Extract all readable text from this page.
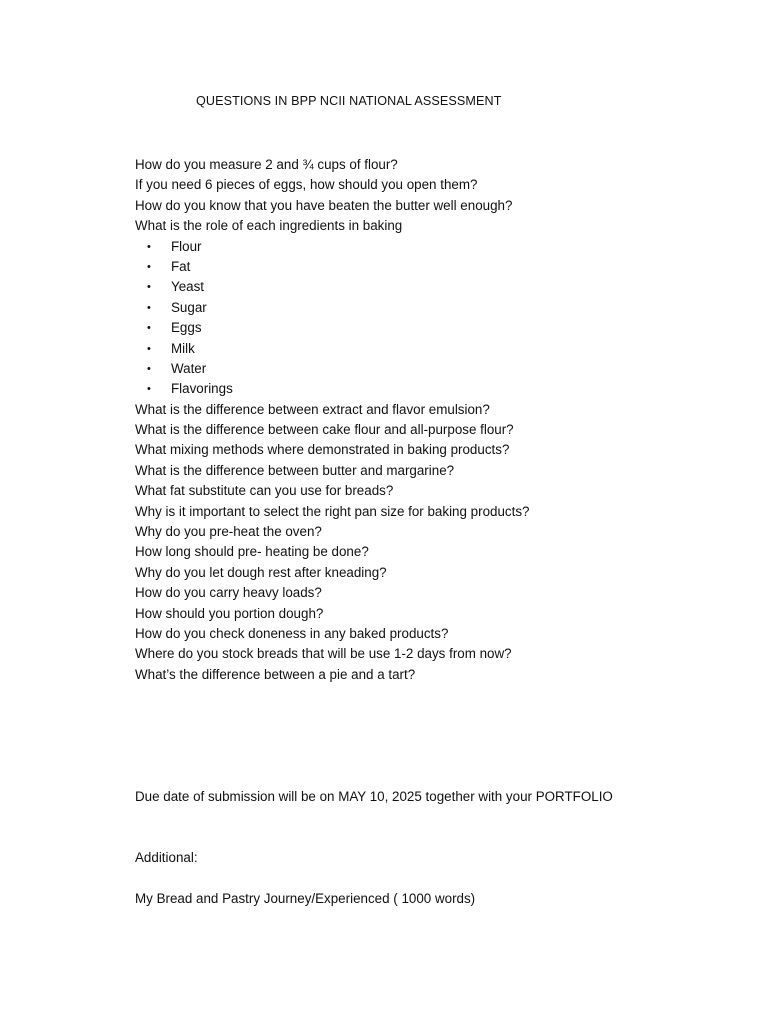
QUESTIONS IN BPP NCII NATIONAL ASSESSMENT
How do you measure 2 and ¾ cups of flour?
If you need 6 pieces of eggs, how should you open them?
How do you know that you have beaten the butter well enough?
What is the role of each ingredients in baking
• Flour
• Fat
• Yeast
• Sugar
• Eggs
• Milk
• Water
• Flavorings
What is the difference between extract and flavor emulsion?
What is the difference between cake flour and all-purpose flour?
What mixing methods where demonstrated in baking products?
What is the difference between butter and margarine?
What fat substitute can you use for breads?
Why is it important to select the right pan size for baking products?
Why do you pre-heat the oven?
How long should pre- heating be done?
Why do you let dough rest after kneading?
How do you carry heavy loads?
How should you portion dough?
How do you check doneness in any baked products?
Where do you stock breads that will be use 1-2 days from now?
What’s the difference between a pie and a tart?
Due date of submission will be on MAY 10, 2025 together with your PORTFOLIO
Additional:
My Bread and Pastry Journey/Experienced ( 1000 words)
